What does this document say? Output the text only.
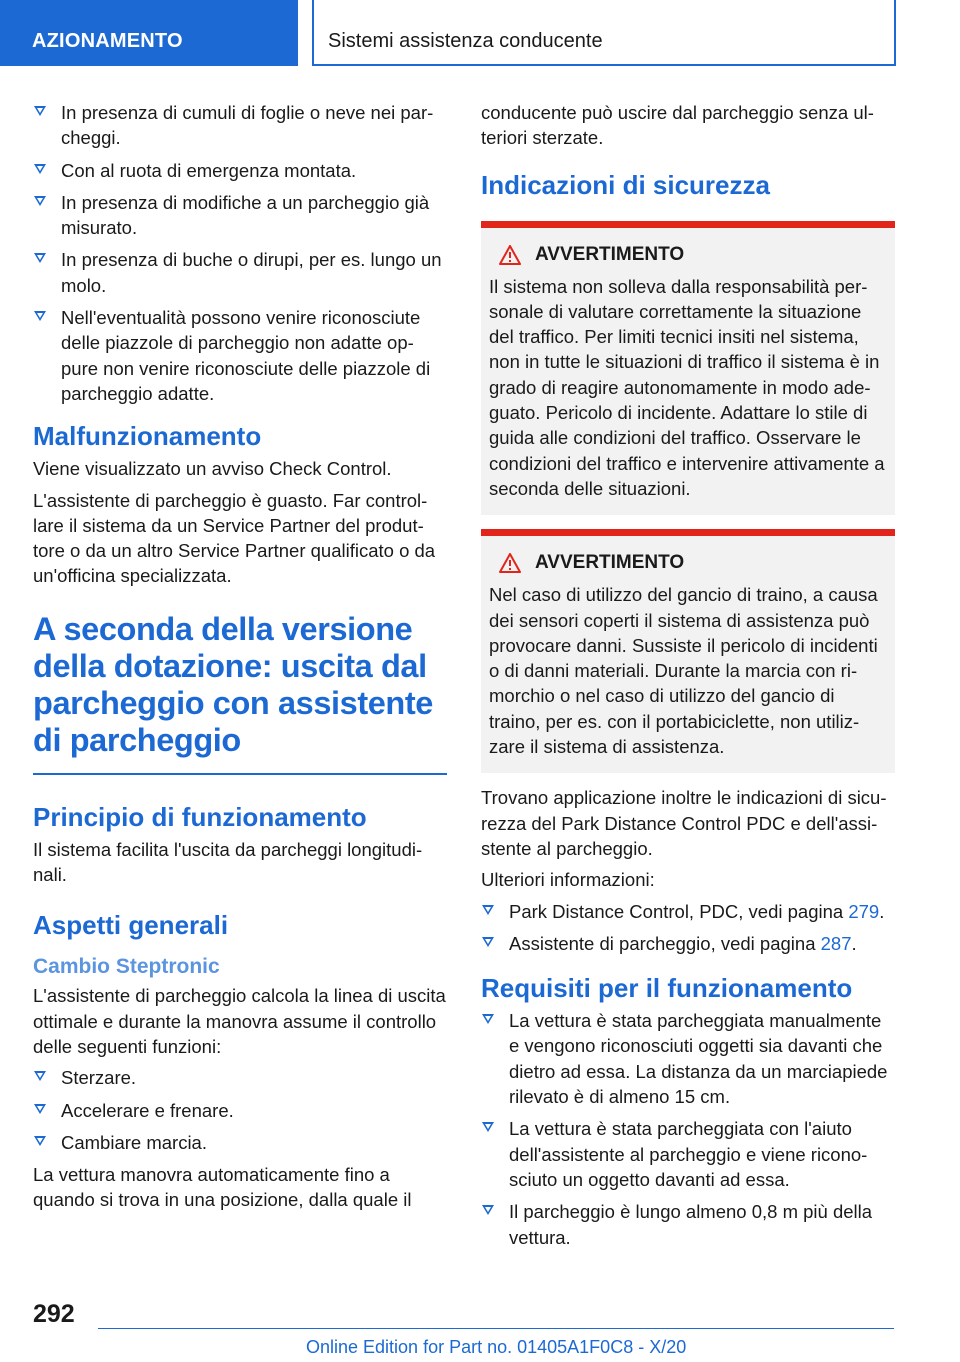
AZIONAMENTO	Sistemi assistenza conducente
In presenza di cumuli di foglie o neve nei par-cheggi.
Con al ruota di emergenza montata.
In presenza di modifiche a un parcheggio già misurato.
In presenza di buche o dirupi, per es. lungo un molo.
Nell'eventualità possono venire riconosciute delle piazzole di parcheggio non adatte op-pure non venire riconosciute delle piazzole di parcheggio adatte.
Malfunzionamento

Viene visualizzato un avviso Check Control.

L'assistente di parcheggio è guasto. Far control-lare il sistema da un Service Partner del produt-tore o da un altro Service Partner qualificato o da un'officina specializzata.

A seconda della versione della dotazione: uscita dal parcheggio con assistente di parcheggio
Principio di funzionamento

Il sistema facilita l'uscita da parcheggi longitudi-nali.

Aspetti generali
Cambio Steptronic

L'assistente di parcheggio calcola la linea di uscita ottimale e durante la manovra assume il controllo delle seguenti funzioni:

Sterzare.
Accelerare e frenare.
Cambiare marcia.

La vettura manovra automaticamente fino a quando si trova in una posizione, dalla quale il

conducente può uscire dal parcheggio senza ul-teriori sterzate.

Indicazioni di sicurezza
AVVERTIMENTO
Il sistema non solleva dalla responsabilità per-sonale di valutare correttamente la situazione del traffico. Per limiti tecnici insiti nel sistema, non in tutte le situazioni di traffico il sistema è in grado di reagire autonomamente in modo ade-guato. Pericolo di incidente. Adattare lo stile di guida alle condizioni del traffico. Osservare le condizioni del traffico e intervenire attivamente a seconda delle situazioni.
AVVERTIMENTO
Nel caso di utilizzo del gancio di traino, a causa dei sensori coperti il sistema di assistenza può provocare danni. Sussiste il pericolo di incidenti o di danni materiali. Durante la marcia con ri-morchio o nel caso di utilizzo del gancio di traino, per es. con il portabiciclette, non utiliz-zare il sistema di assistenza.

Trovano applicazione inoltre le indicazioni di sicu-rezza del Park Distance Control PDC e dell'assi-stente al parcheggio.

Ulteriori informazioni:

Park Distance Control, PDC, vedi pagina 279.
Assistente di parcheggio, vedi pagina 287.
Requisiti per il funzionamento
La vettura è stata parcheggiata manualmente e vengono riconosciuti oggetti sia davanti che dietro ad essa. La distanza da un marciapiede rilevato è di almeno 15 cm.
La vettura è stata parcheggiata con l'aiuto dell'assistente al parcheggio e viene ricono-sciuto un oggetto davanti ad essa.
Il parcheggio è lungo almeno 0,8 m più della vettura.
292
Online Edition for Part no. 01405A1F0C8 - X/20
